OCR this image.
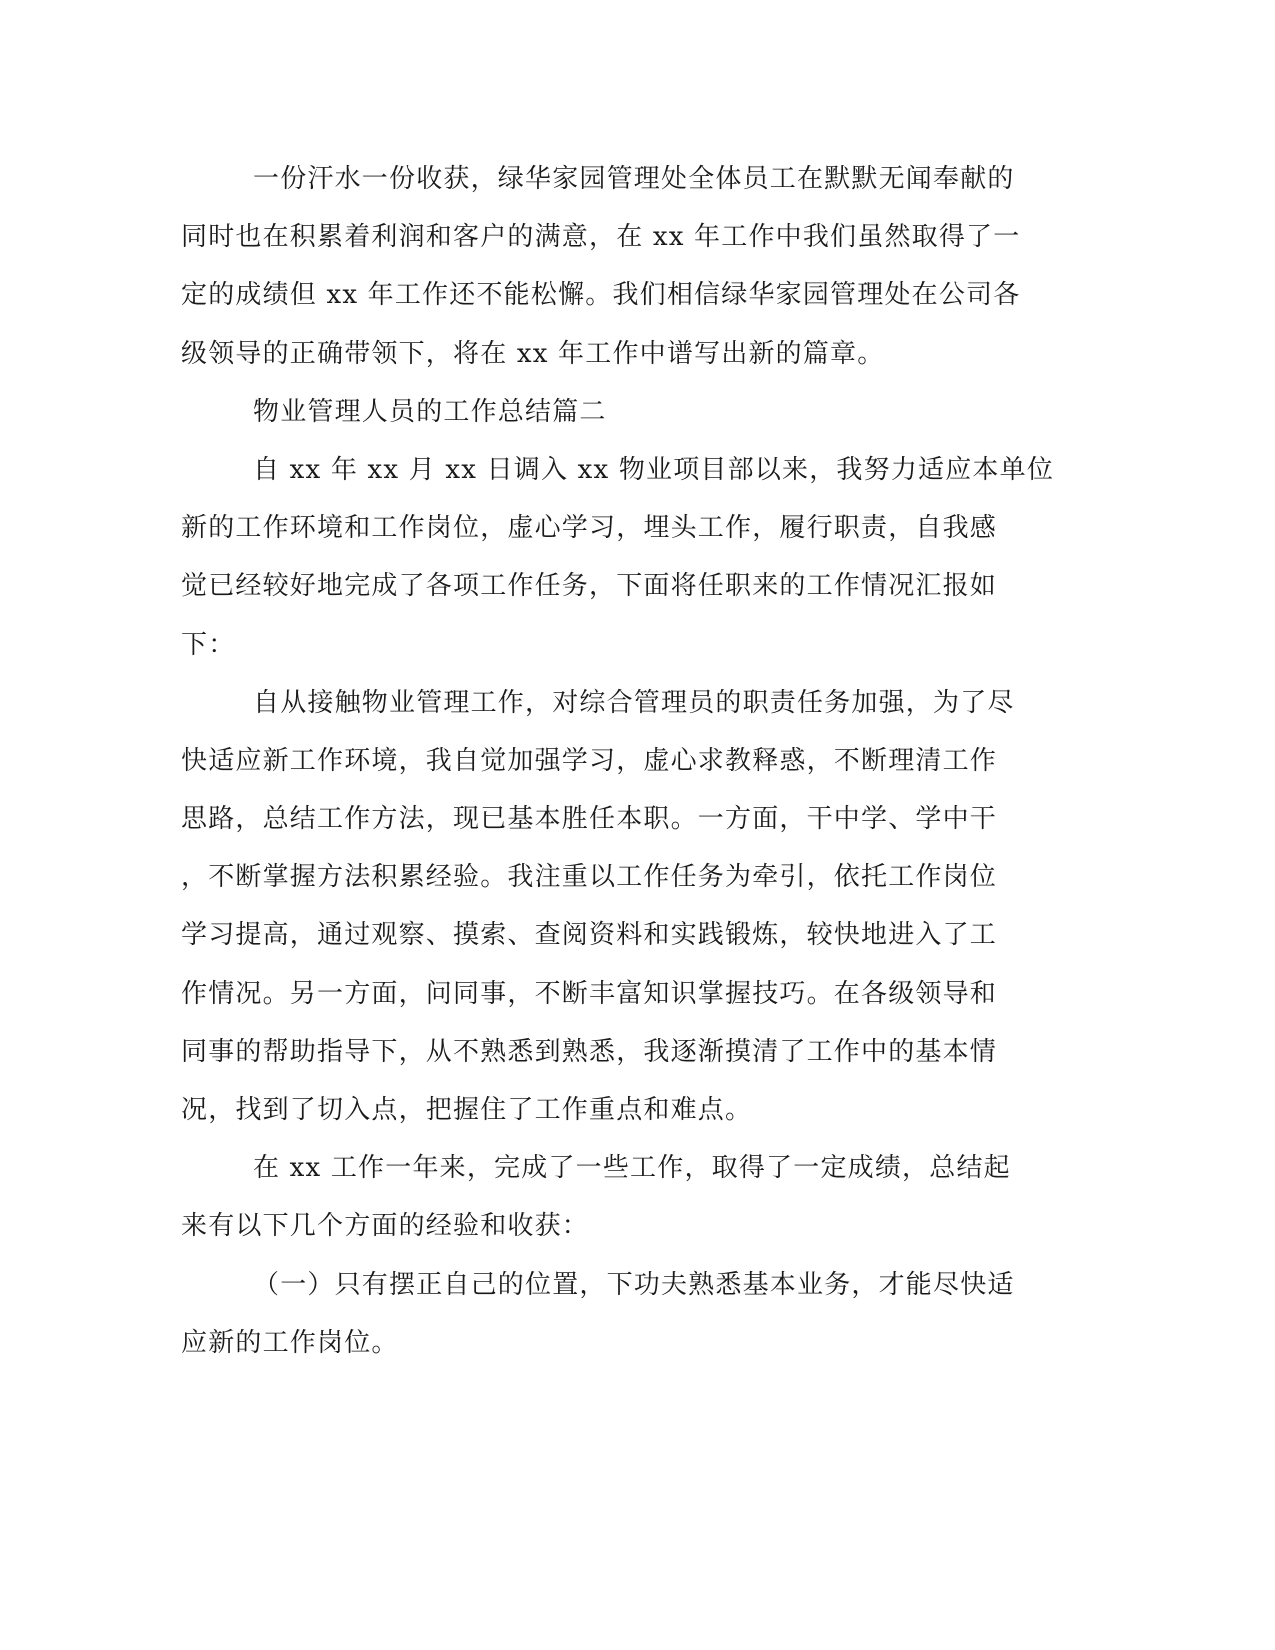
一份汗水一份收获，绿华家园管理处全体员工在默默无闻奉献的
同时也在积累着利润和客户的满意，在 xx 年工作中我们虽然取得了一
定的成绩但 xx 年工作还不能松懈。我们相信绿华家园管理处在公司各
级领导的正确带领下，将在 xx 年工作中谱写出新的篇章。
物业管理人员的工作总结篇二
自 xx 年 xx 月 xx 日调入 xx 物业项目部以来，我努力适应本单位
新的工作环境和工作岗位，虚心学习，埋头工作，履行职责，自我感
觉已经较好地完成了各项工作任务，下面将任职来的工作情况汇报如
下：
自从接触物业管理工作，对综合管理员的职责任务加强，为了尽
快适应新工作环境，我自觉加强学习，虚心求教释惑，不断理清工作
思路，总结工作方法，现已基本胜任本职。一方面，干中学、学中干
，不断掌握方法积累经验。我注重以工作任务为牵引，依托工作岗位
学习提高，通过观察、摸索、查阅资料和实践锻炼，较快地进入了工
作情况。另一方面，问同事，不断丰富知识掌握技巧。在各级领导和
同事的帮助指导下，从不熟悉到熟悉，我逐渐摸清了工作中的基本情
况，找到了切入点，把握住了工作重点和难点。
在 xx 工作一年来，完成了一些工作，取得了一定成绩，总结起
来有以下几个方面的经验和收获：
（一）只有摆正自己的位置，下功夫熟悉基本业务，才能尽快适
应新的工作岗位。
